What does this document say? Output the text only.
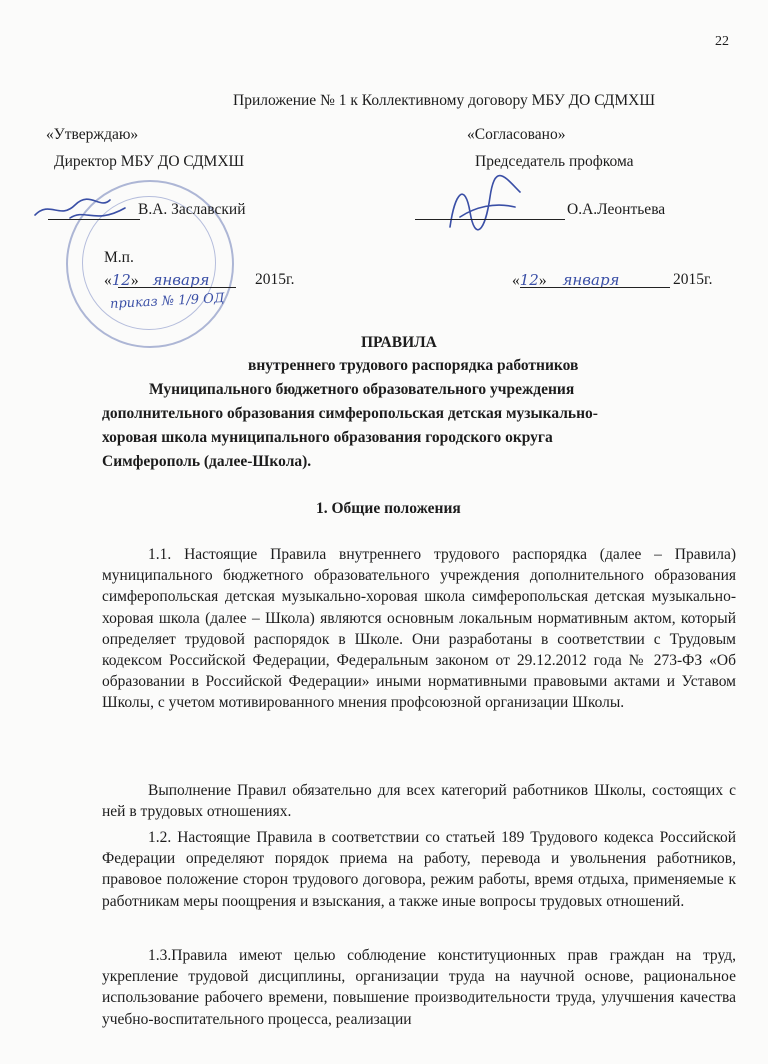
22
Приложение № 1 к Коллективному договору МБУ ДО СДМХШ
«Утверждаю»
Директор МБУ ДО СДМХШ
В.А. Заславский
М.п.
«12» января	2015г.
приказ № 1/9 ОД
«Согласовано»
Председатель профкома
О.А.Леонтьева
«12» января	2015г.
ПРАВИЛА
внутреннего трудового распорядка работников
Муниципального бюджетного образовательного учреждения
дополнительного образования симферопольская детская музыкально-
хоровая школа муниципального образования городского округа
Симферополь (далее-Школа).
1. Общие положения
1.1. Настоящие Правила внутреннего трудового распорядка (далее – Правила) муниципального бюджетного образовательного учреждения дополнительного образования симферопольская детская музыкально-хоровая школа симферопольская детская музыкально-хоровая школа (далее – Школа) являются основным локальным нормативным актом, который определяет трудовой распорядок в Школе. Они разработаны в соответствии с Трудовым кодексом Российской Федерации, Федеральным законом от 29.12.2012 года № 273-ФЗ «Об образовании в Российской Федерации» иными нормативными правовыми актами и Уставом Школы, с учетом мотивированного мнения профсоюзной организации Школы.
Выполнение Правил обязательно для всех категорий работников Школы, состоящих с ней в трудовых отношениях.
1.2. Настоящие Правила в соответствии со статьей 189 Трудового кодекса Российской Федерации определяют порядок приема на работу, перевода и увольнения работников, правовое положение сторон трудового договора, режим работы, время отдыха, применяемые к работникам меры поощрения и взыскания, а также иные вопросы трудовых отношений.
1.3.Правила имеют целью соблюдение конституционных прав граждан на труд, укрепление трудовой дисциплины, организации труда на научной основе, рациональное использование рабочего времени, повышение производительности труда, улучшения качества учебно-воспитательного процесса, реализации
